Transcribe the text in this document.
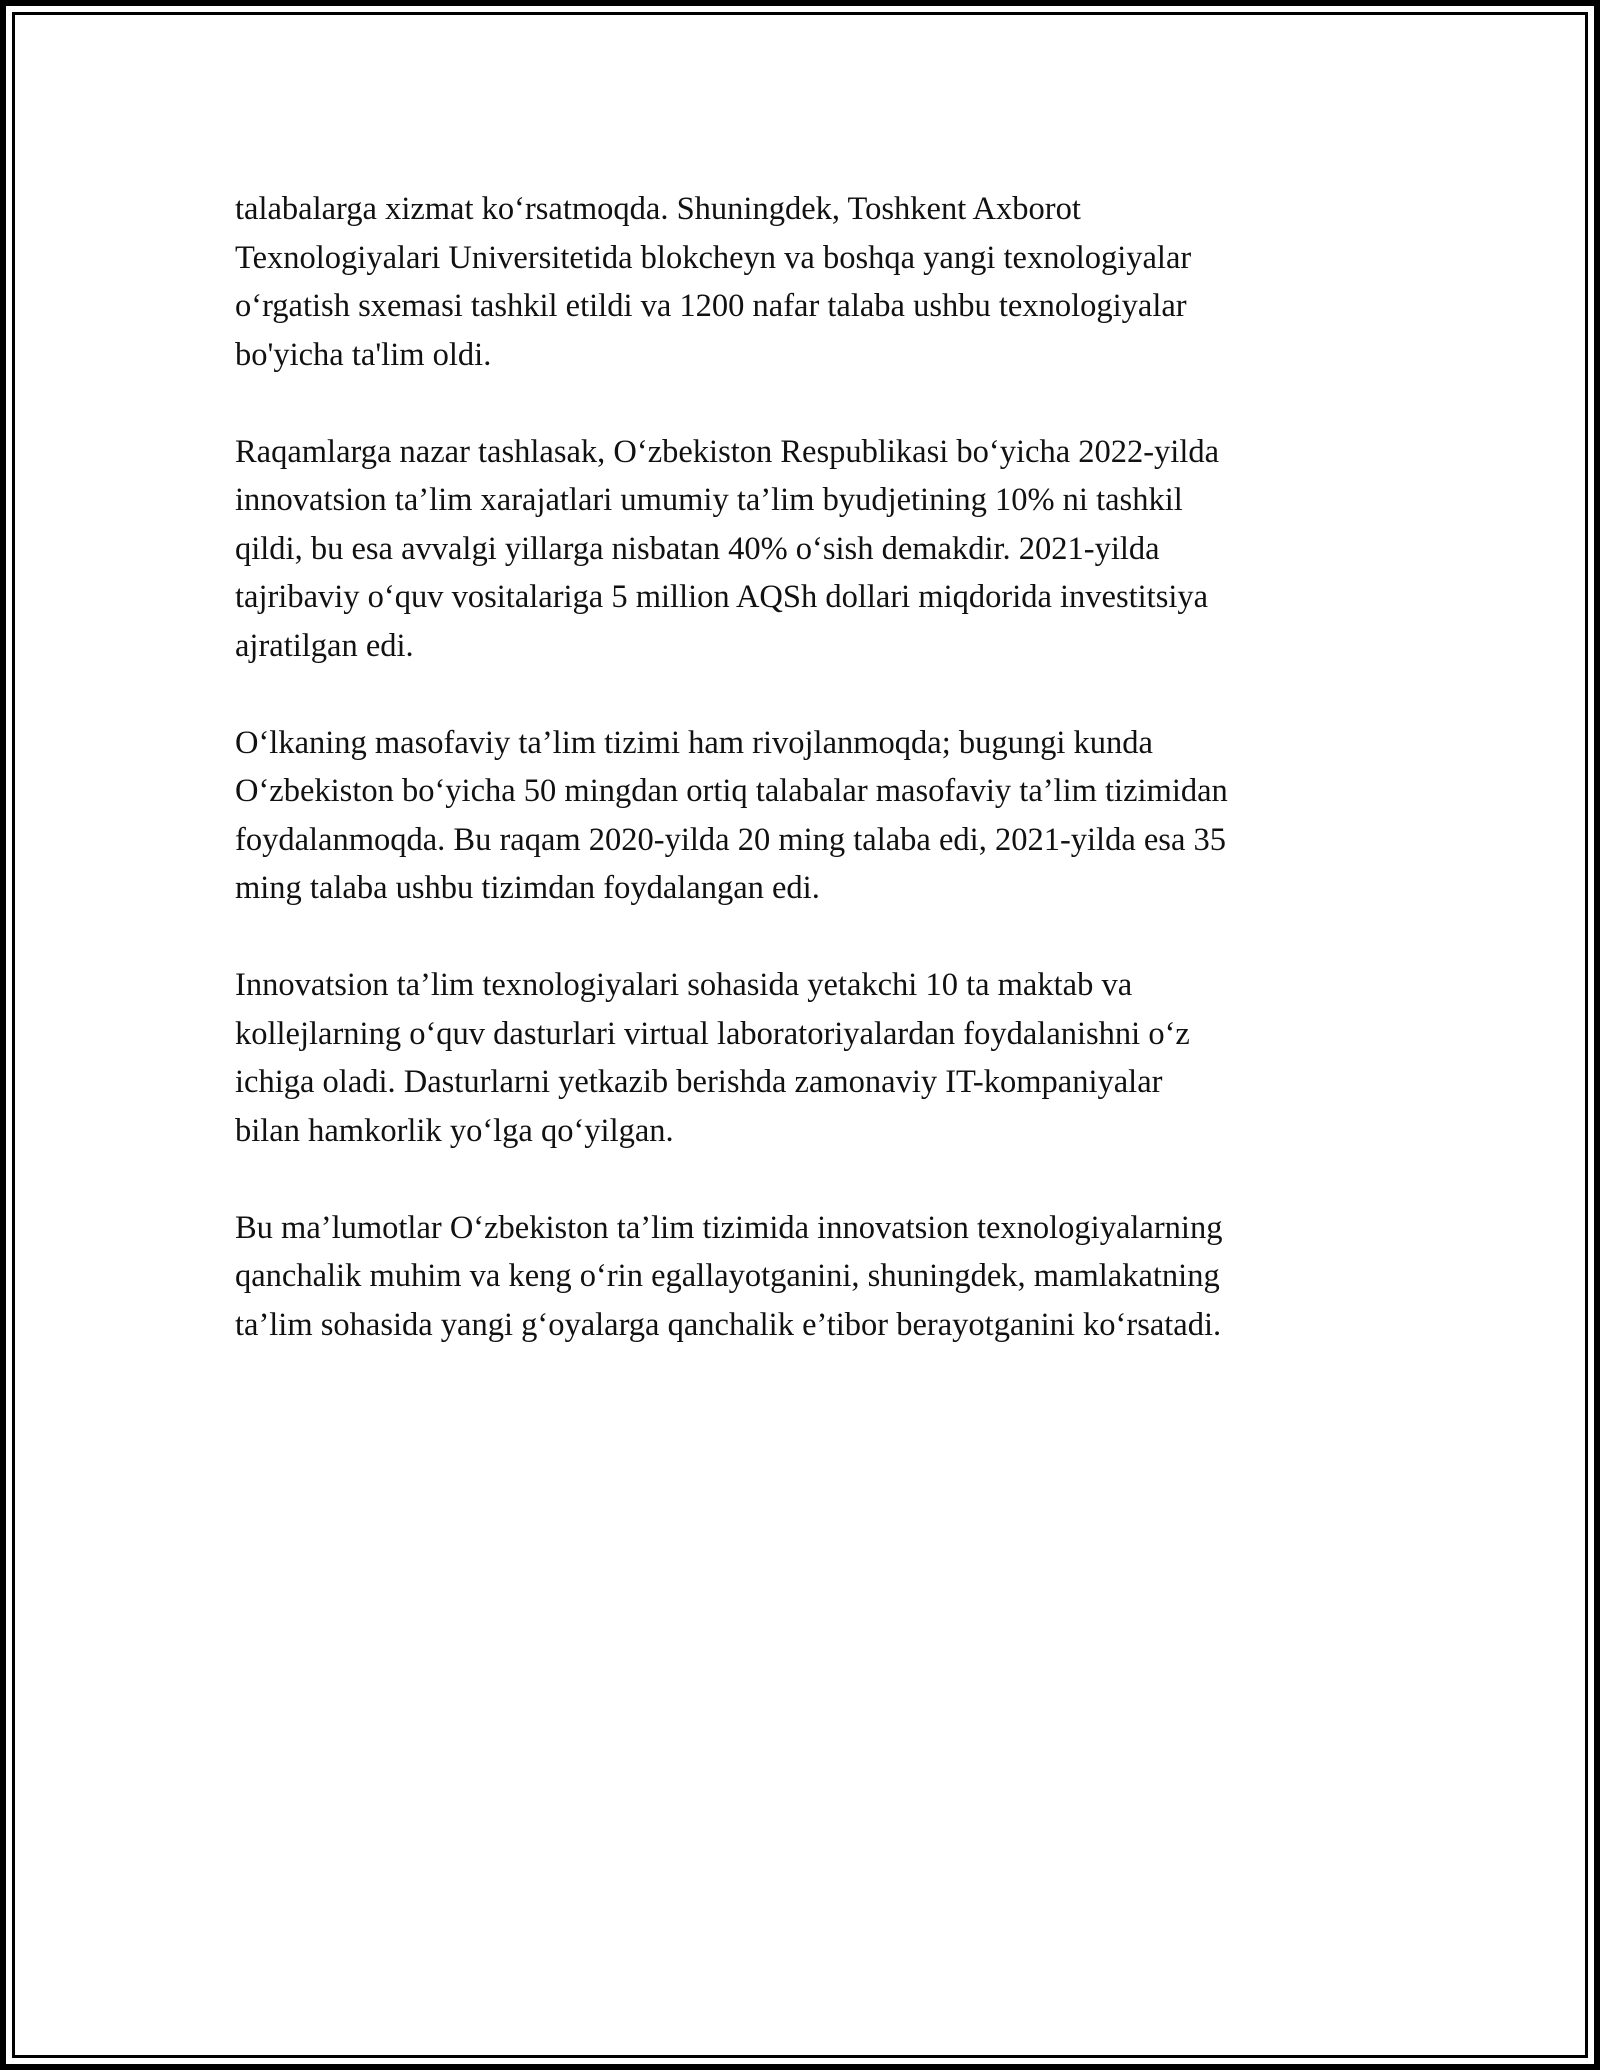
talabalarga xizmat ko‘rsatmoqda. Shuningdek, Toshkent Axborot
Texnologiyalari Universitetida blokcheyn va boshqa yangi texnologiyalar
o‘rgatish sxemasi tashkil etildi va 1200 nafar talaba ushbu texnologiyalar
bo'yicha ta'lim oldi.

Raqamlarga nazar tashlasak, O‘zbekiston Respublikasi bo‘yicha 2022-yilda
innovatsion ta’lim xarajatlari umumiy ta’lim byudjetining 10% ni tashkil
qildi, bu esa avvalgi yillarga nisbatan 40% o‘sish demakdir. 2021-yilda
tajribaviy o‘quv vositalariga 5 million AQSh dollari miqdorida investitsiya
ajratilgan edi.

O‘lkaning masofaviy ta’lim tizimi ham rivojlanmoqda; bugungi kunda
O‘zbekiston bo‘yicha 50 mingdan ortiq talabalar masofaviy ta’lim tizimidan
foydalanmoqda. Bu raqam 2020-yilda 20 ming talaba edi, 2021-yilda esa 35
ming talaba ushbu tizimdan foydalangan edi.

Innovatsion ta’lim texnologiyalari sohasida yetakchi 10 ta maktab va
kollejlarning o‘quv dasturlari virtual laboratoriyalardan foydalanishni o‘z
ichiga oladi. Dasturlarni yetkazib berishda zamonaviy IT-kompaniyalar
bilan hamkorlik yo‘lga qo‘yilgan.

Bu ma’lumotlar O‘zbekiston ta’lim tizimida innovatsion texnologiyalarning
qanchalik muhim va keng o‘rin egallayotganini, shuningdek, mamlakatning
ta’lim sohasida yangi g‘oyalarga qanchalik e’tibor berayotganini ko‘rsatadi.
